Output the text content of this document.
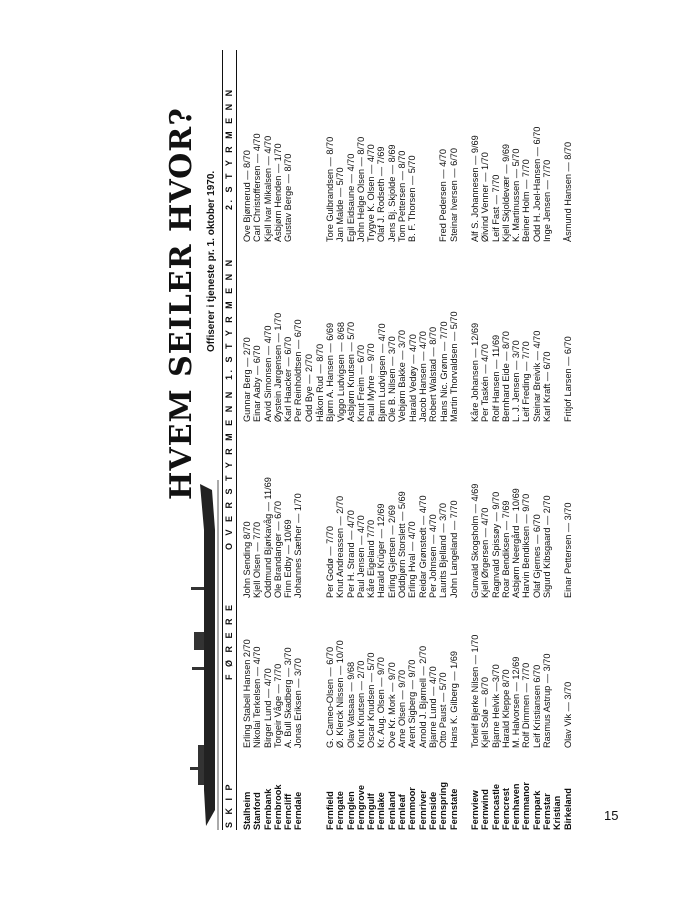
HVEM SEILER HVOR? Offiserer i tjeneste pr. 1. oktober 1970.
S K I P
F Ø R E R E
O V E R S T Y R M E N N
1. S T Y R M E N N
2. S T Y R M E N N
Stalheim Stanford Fernbank Fernbrook Ferncliff Ferndale
Erling Stabell Hansen 2/70 Nikolai Terkelsen — 4/70 Birger Lund — 4/70 Torgeir Våge — 7/70 A. Bull Skadberg — 3/70 Jonas Eriksen — 3/70
John Sending 8/70 Kjell Olsen — 7/70 Oddmund Bjørkavåg — 11/69 Ole Brandanger — 6/70 Finn Edby — 10/69 Johannes Sæther — 1/70
Gunnar Berg — 2/70 Einar Aaby — 6/70 Arvid Simonsen — 4/70 Øystein Jørgensen — 1/70 Karl Haacker — 6/70 Per Reinholdtsen — 6/70 Odd Bye — 2/70
Ove Bjørnerud — 8/70 Carl Christoffersen — 4/70 Kjell Ivar Mikalsen — 4/70 Asbjørn Henden — 1/70 Gustav Berge — 8/70
Fernfield Ferngate Fernglen Ferngrove Ferngulf Fernlake Fernland Fernleaf Fernmoor Fernriver Fernside Fernspring Fernstate
G. Cameo-Olsen — 6/70 Ø. Klerck Nilssen — 10/70 Olav Vatsaas — 9/68 Knut Knutsen — 2/70 Oscar Knudsen — 5/70 Kr. Aug. Olsen — 9/70 Ove Kr. Mork — 9/70 Arne Olsen — 9/70 Arent Sigberg — 9/70 Arnold J. Bjørnell — 2/70 Bjarne Lund — 4/70 Otto Paust — 5/70 Hans K. Gilberg — 1/69
Per Godø — 7/70 Knut Andreassen — 2/70 Per H. Strand — 4/70 Paul Jensen — 4/70 Kåre Eigeland 7/70 Harald Krüger — 12/69 Erling Gjertsen — 2/69 Oddbjørn Storslett — 5/69 Erling Hval — 4/70 Reidar Grønstedt — 4/70 Per Johnsen — 4/70 Laurits Bjelland — 3/70 John Langeland — 7/70
Håkon Rud — 8/70 Bjørn A. Hansen — 6/69 Viggo Ludvigsen — 8/68 Asbjørn Knutsen — 5/70 Knut Freim — 6/70 Paul Myhre — 9/70 Bjørn Ludvigsen — 4/70 Ole B. Nilsen — 3/70 Vebjørn Bakke — 3/70 Harald Vedøy — 4/70 Jacob Hansen — 4/70 Robert Walstad — 8/70 Hans Nic. Grønn — 7/70 Martin Thorvaldsen — 5/70
Tore Gulbrandsen — 8/70 Jan Malde — 5/70 Egil Eidsaune — 4/70 John Helge Olsen — 8/70 Trygve K. Olsen — 4/70 Olaf J. Rodseth — 7/69 Jens Bj. Skjolde — 8/69 Tom Pettersen — 8/70 B. F. Thorsen — 5/70 Fred Pedersen — 4/70 Steinar Iversen — 6/70
Fernview Fernwind Ferncastle Ferncrest Fernhaven Fernmanor Fernpark Fernstar Kristian Birkeland
Torleif Bjerke Nilsen — 1/70 Kjell Solø — 8/70 Bjarne Helvik —3/70 Harald Kleppe 8/70 M. Halvorsen — 12/69 Rolf Dimmen — 7/70 Leif Kristiansen 6/70 Rasmus Astrup — 3/70 Olav Vik — 3/70
Gunvald Skogsholm — 4/69 Kjell Ørgersen — 4/70 Ragnvald Spissøy — 9/70 Roar Bendiksen — 7/69 Asbjørn Neergård — 10/69 Harvin Bendiksen — 9/70 Olaf Gjernes — 6/70 Sigurd Kibsgaard — 2/70 Einar Pettersen — 3/70
Kåre Johansen — 12/69 Per Taskén — 4/70 Rolf Hansen — 11/69 Bernhard Eide — 8/70 L. J. Jensen — 3/70 Leif Freding — 7/70 Steinar Breivik — 4/70 Karl Kraft — 6/70 Fritjof Larsen — 6/70
Alf S. Johannesen — 9/69 Øivind Venner — 1/70 Leif Fast — 7/70 Kjell Skjoldevær — 9/69 K. Martinussen — 5/70 Beiner Holm — 7/70 Odd H. Joel-Hansen — 6/70 Inge Jensen — 7/70 Åsmund Hansen — 8/70
15
